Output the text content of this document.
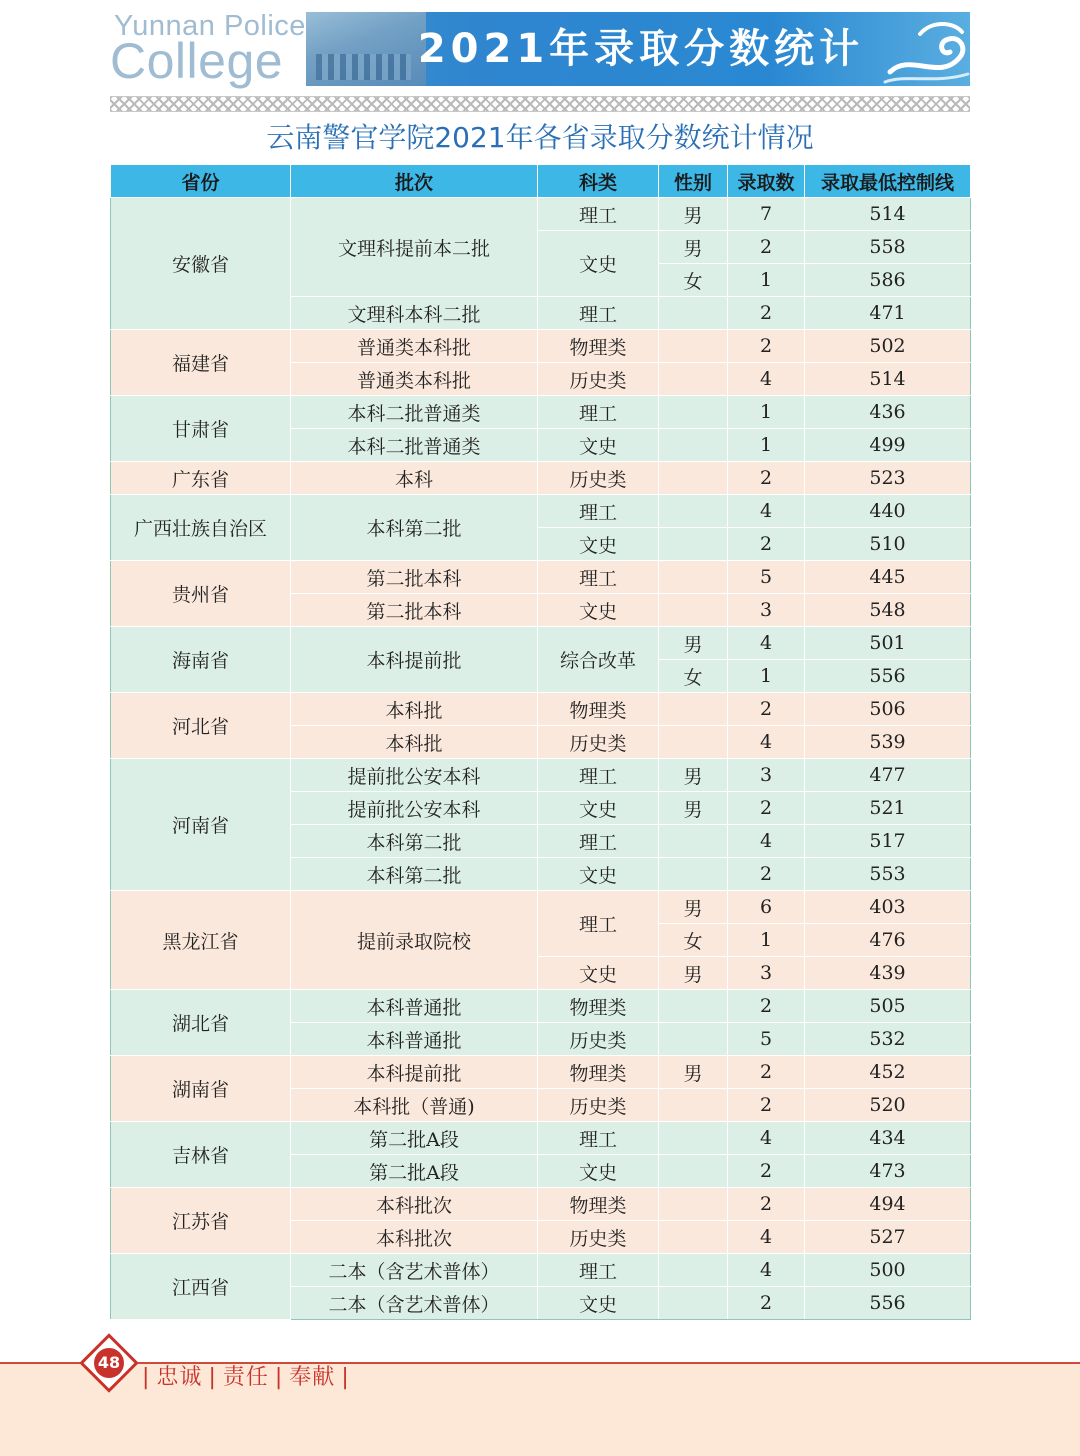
Yunnan Police
College	2021年录取分数统计
云南警官学院2021年各省录取分数统计情况
省份	批次	科类	性别	录取数	录取最低控制线
安徽省	文理科提前本二批	理工	男	7	514
		文史	男	2	558
			女	1	586
	文理科本科二批	理工		2	471
福建省	普通类本科批	物理类		2	502
	普通类本科批	历史类		4	514
甘肃省	本科二批普通类	理工		1	436
	本科二批普通类	文史		1	499
广东省	本科	历史类		2	523
广西壮族自治区	本科第二批	理工		4	440
		文史		2	510
贵州省	第二批本科	理工		5	445
	第二批本科	文史		3	548
海南省	本科提前批	综合改革	男	4	501
			女	1	556
河北省	本科批	物理类		2	506
	本科批	历史类		4	539
河南省	提前批公安本科	理工	男	3	477
	提前批公安本科	文史	男	2	521
	本科第二批	理工		4	517
	本科第二批	文史		2	553
黑龙江省	提前录取院校	理工	男	6	403
			女	1	476
		文史	男	3	439
湖北省	本科普通批	物理类		2	505
	本科普通批	历史类		5	532
湖南省	本科提前批	物理类	男	2	452
	本科批（普通)	历史类		2	520
吉林省	第二批A段	理工		4	434
	第二批A段	文史		2	473
江苏省	本科批次	物理类		2	494
	本科批次	历史类		4	527
江西省	二本（含艺术普体）	理工		4	500
	二本（含艺术普体）	文史		2	556
48
| 忠诚 | 责任 | 奉献 |
